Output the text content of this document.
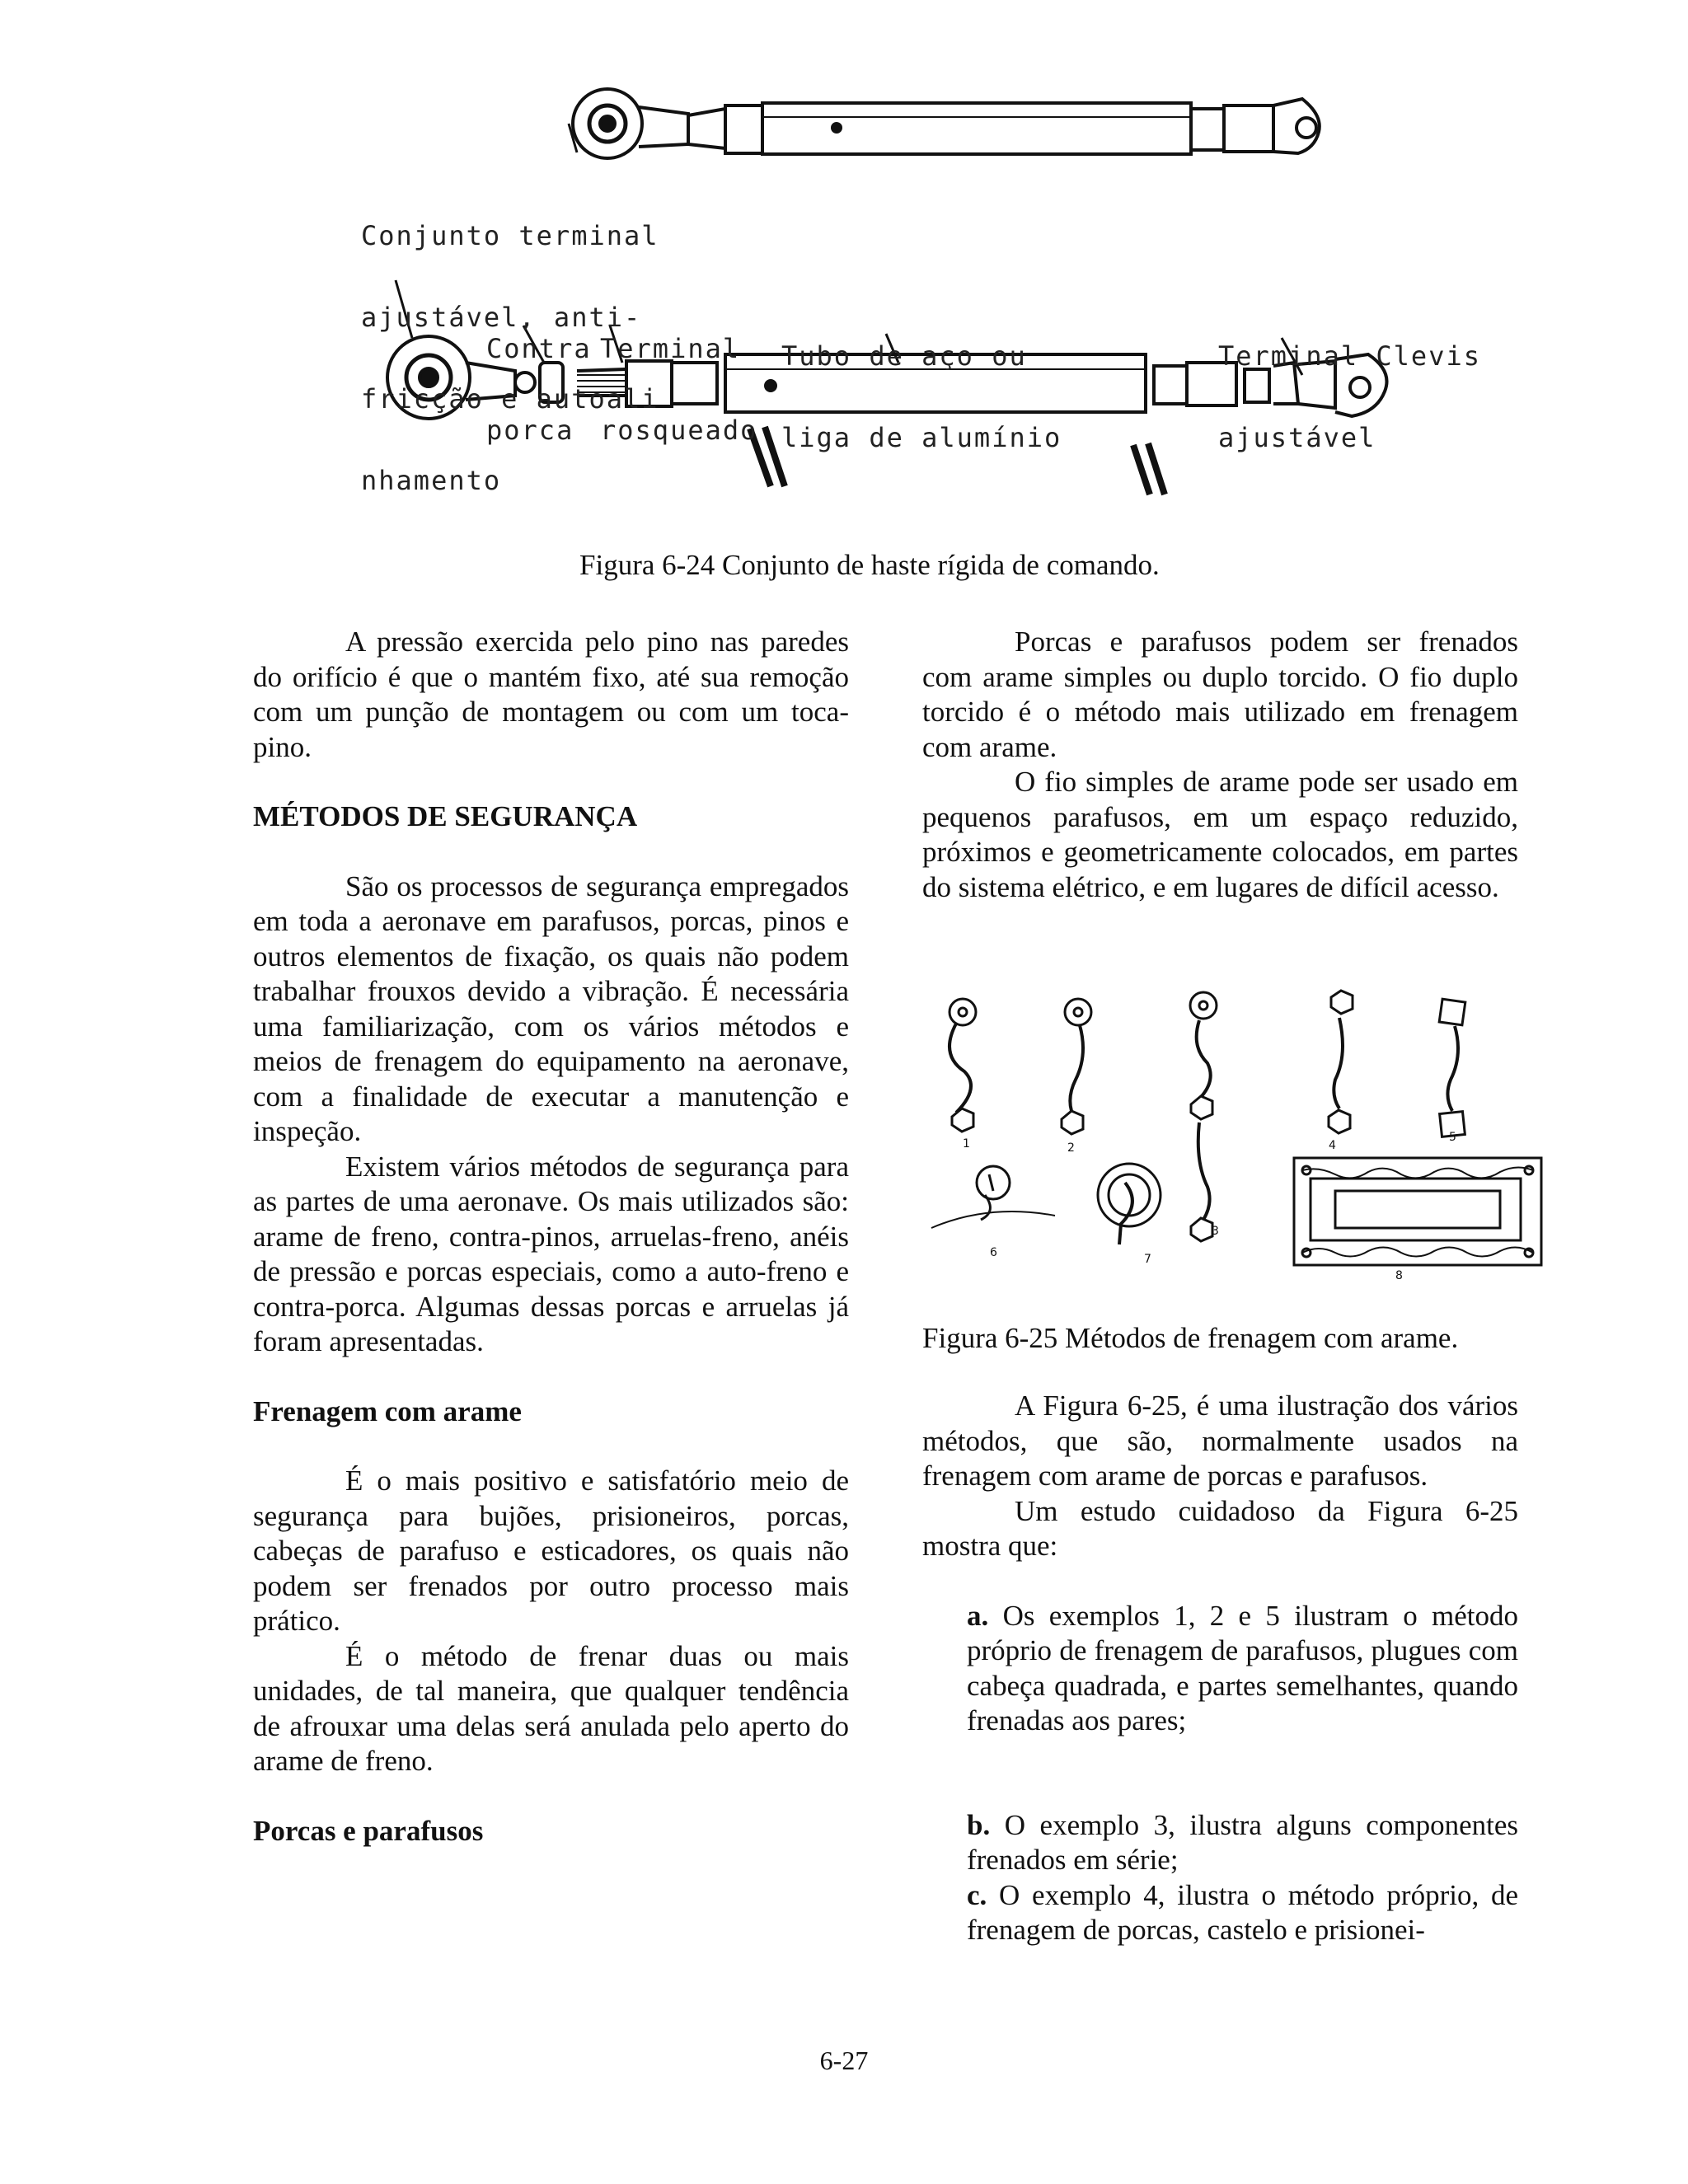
Conjunto terminal

ajustável, anti-

fricção e autoali

nhamento

Contra

porca

Terminal

rosqueado

Tubo de aço ou

liga de alumínio

Terminal Clevis

ajustável

Figura 6-24 Conjunto de haste rígida de comando.

A pressão exercida pelo pino nas paredes do orifício é que o mantém fixo, até sua remoção com um punção de montagem ou com um toca-pino.

MÉTODOS DE SEGURANÇA

São os processos de segurança empregados em toda a aeronave em parafusos, porcas, pinos e outros elementos de fixação, os quais não podem trabalhar frouxos devido a vibração. É necessária uma familiarização, com os vários métodos e meios de frenagem do equipamento na aeronave, com a finalidade de executar a manutenção e inspeção.

Existem vários métodos de segurança para as partes de uma aeronave. Os mais utilizados são: arame de freno, contra-pinos, arruelas-freno, anéis de pressão e porcas especiais, como a auto-freno e contra-porca. Algumas dessas porcas e arruelas já foram apresentadas.

Frenagem com arame

É o mais positivo e satisfatório meio de segurança para bujões, prisioneiros, porcas, cabeças de parafuso e esticadores, os quais não podem ser frenados por outro processo mais prático.

É o método de frenar duas ou mais unidades, de tal maneira, que qualquer tendência de afrouxar uma delas será anulada pelo aperto do arame de freno.

Porcas e parafusos

Porcas e parafusos podem ser frenados com arame simples ou duplo torcido. O fio duplo torcido é o método mais utilizado em frenagem com arame.

O fio simples de arame pode ser usado em pequenos parafusos, em um espaço reduzido, próximos e geometricamente colocados, em partes do sistema elétrico, e em lugares de difícil acesso.

1	2
3
4
5
6	7
8
Figura 6-25 Métodos de frenagem com arame.

A Figura 6-25, é uma ilustração dos vários métodos, que são, normalmente usados na frenagem com arame de porcas e parafusos.

Um estudo cuidadoso da Figura 6-25 mostra que:

a. Os exemplos 1, 2 e 5 ilustram o método próprio de frenagem de parafusos, plugues com cabeça quadrada, e partes semelhantes, quando frenadas aos pares;

b. O exemplo 3, ilustra alguns componentes frenados em série;

c. O exemplo 4, ilustra o método próprio, de frenagem de porcas, castelo e prisionei-

6-27
